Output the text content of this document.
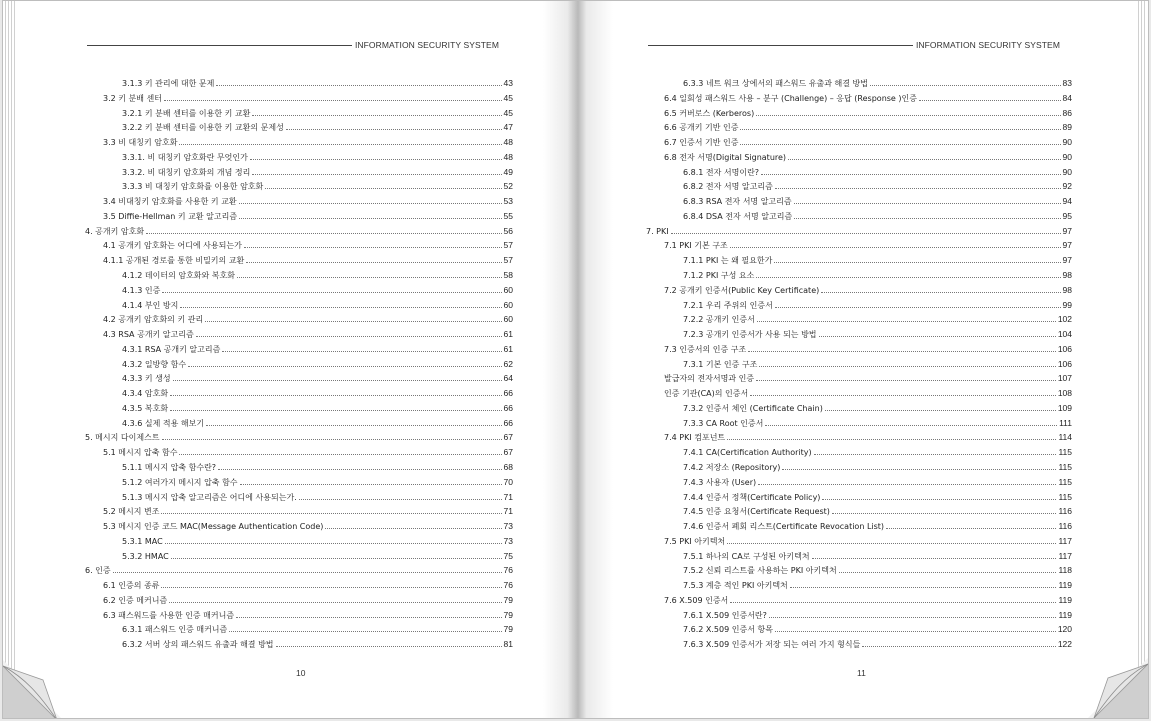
INFORMATION SECURITY SYSTEM
3.1.3 키 관리에 대한 문제	43
3.2 키 분배 센터	45
3.2.1 키 분배 센터를 이용한 키 교환	45
3.2.2 키 분배 센터를 이용한 키 교환의 문제성	47
3.3 비 대칭키 암호화	48
3.3.1. 비 대칭키 암호화란 무엇인가	48
3.3.2. 비 대칭키 암호화의 개념 정리	49
3.3.3 비 대칭키 암호화를 이용한 암호화	52
3.4 비대칭키 암호화를 사용한 키 교환	53
3.5 Diffie-Hellman 키 교환 알고리즘	55
4. 공개키 암호화	56
4.1 공개키 암호화는 어디에 사용되는가	57
4.1.1 공개된 경로를 통한 비밀키의 교환	57
4.1.2 데이터의 암호화와 복호화	58
4.1.3 인증	60
4.1.4 부인 방지	60
4.2 공개키 암호화의 키 관리	60
4.3 RSA 공개키 알고리즘	61
4.3.1 RSA 공개키 알고리즘	61
4.3.2 일방향 함수	62
4.3.3 키 생성	64
4.3.4 암호화	66
4.3.5 복호화	66
4.3.6 실제 적용 해보기	66
5. 메시지 다이제스트	67
5.1 메시지 압축 함수	67
5.1.1 메시지 압축 함수란?	68
5.1.2 여러가지 메시지 압축 함수	70
5.1.3 메시지 압축 알고리즘은 어디에 사용되는가.	71
5.2 메시지 변조	71
5.3 메시지 인증 코드 MAC(Message Authentication Code)	73
5.3.1 MAC	73
5.3.2 HMAC	75
6. 인증	76
6.1 인증의 종류	76
6.2 인증 메커니즘	79
6.3 패스워드를 사용한 인증 매커니즘	79
6.3.1 패스워드 인증 매커니즘	79
6.3.2 서버 상의 패스워드 유출과 해결 방법	81
10
INFORMATION SECURITY SYSTEM
6.3.3 네트 워크 상에서의 패스워드 유출과 해결 방법	83
6.4 일회성 패스워드 사용 – 분구 (Challenge) – 응답 (Response )인증	84
6.5 커버로스 (Kerberos)	86
6.6 공개키 기반 인증	89
6.7 인증서 기반 인증	90
6.8 전자 서명(Digital Signature)	90
6.8.1 전자 서명이란?	90
6.8.2 전자 서명 알고리즘	92
6.8.3 RSA 전자 서명 알고리즘	94
6.8.4 DSA 전자 서명 알고리즘	95
7. PKI	97
7.1 PKI 기본 구조	97
7.1.1 PKI 는 왜 필요한가	97
7.1.2 PKI 구성 요소	98
7.2 공개키 인증서(Public Key Certificate)	98
7.2.1 우리 주위의 인증서	99
7.2.2 공개키 인증서	102
7.2.3 공개키 인증서가 사용 되는 방법	104
7.3 인증서의 인증 구조	106
7.3.1 기본 인증 구조	106
발급자의 전자서명과 인증	107
인증 기관(CA)의 인증서	108
7.3.2 인증서 체인 (Certificate Chain)	109
7.3.3 CA Root 인증서	111
7.4 PKI 컴포넌트	114
7.4.1 CA(Certification Authority)	115
7.4.2 저장소 (Repository)	115
7.4.3 사용자 (User)	115
7.4.4 인증서 정책(Certificate Policy)	115
7.4.5 인증 요청서(Certificate Request)	116
7.4.6 인증서 폐회 리스트(Certificate Revocation List)	116
7.5 PKI 아키텍처	117
7.5.1 하나의 CA로 구성된 아키텍처	117
7.5.2 신뢰 리스트를 사용하는 PKI 아키텍처	118
7.5.3 계층 적인 PKI 아키텍처	119
7.6 X.509 인증서	119
7.6.1 X.509 인증서란?	119
7.6.2 X.509 인증서 항목	120
7.6.3 X.509 인증서가 저장 되는 여러 가지 형식들	122
11
